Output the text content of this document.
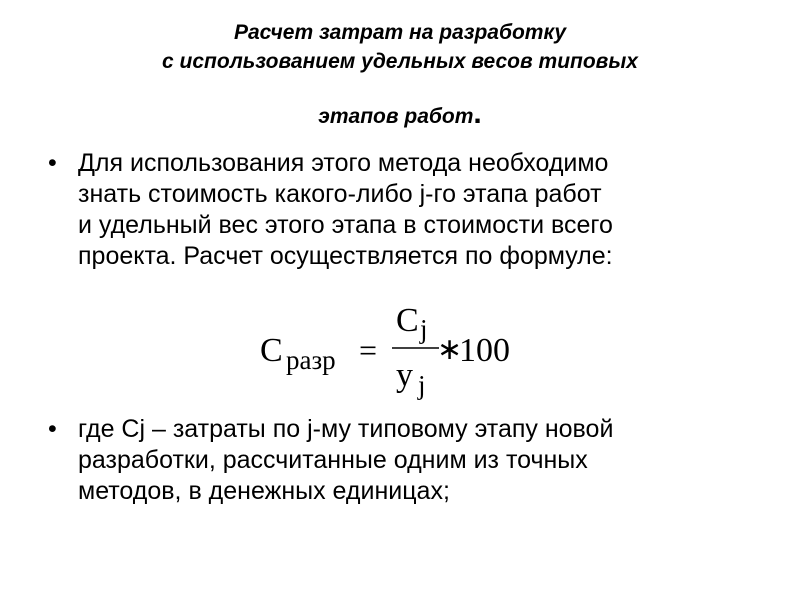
Расчет затрат на разработку
с использованием удельных весов типовых
этапов работ.
• Для использования этого метода необходимо
знать стоимость какого-либо j-го этапа работ
и удельный вес этого этапа в стоимости всего
проекта. Расчет осуществляется по формуле:
C разр =
C j
y j
∗
100
• где Cj – затраты по j-му типовому этапу новой
разработки, рассчитанные одним из точных
методов, в денежных единицах;
